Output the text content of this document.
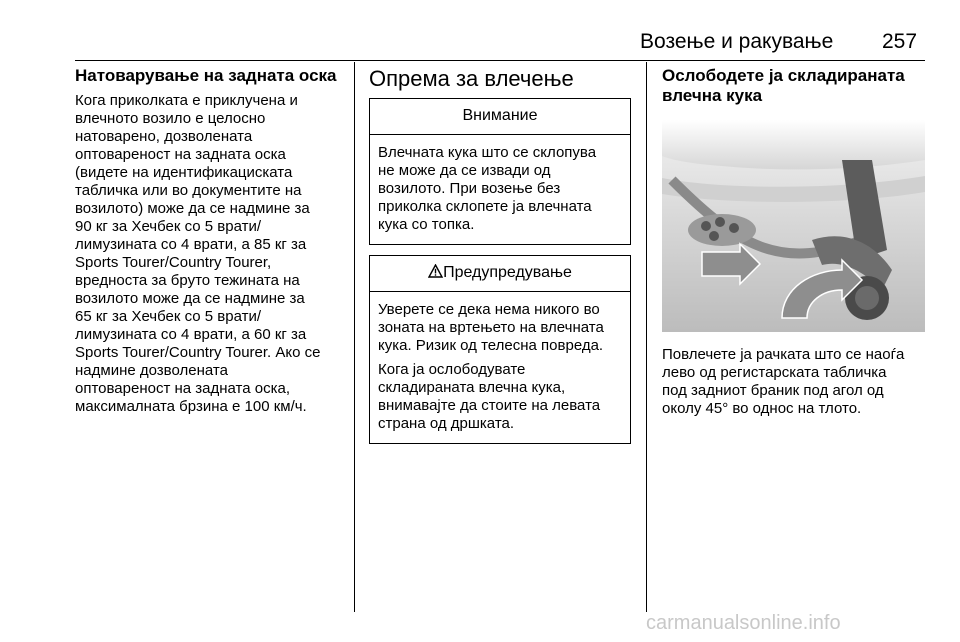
Возење и ракување 257
Натоварување на задната оска
Кога приколката е приклучена и
влечното возило е целосно
натоварено, дозволената
оптовареност на задната оска
(видете на идентификациската
табличка или во документите на
возилото) може да се надмине за
90 кг за Хечбек со 5 врати/
лимузината со 4 врати, а 85 кг за
Sports Tourer/Country Tourer,
вредноста за бруто тежината на
возилото може да се надмине за
65 кг за Хечбек со 5 врати/
лимузината со 4 врати, а 60 кг за
Sports Tourer/Country Tourer. Ако се
надмине дозволената
оптовареност на задната оска,
максималната брзина е 100 км/ч.
Опрема за влечење
Внимание

Влечната кука што се склопува
не може да се извади од
возилото. При возење без
приколка склопете ја влечната
кука со топка.

Предупредување

Уверете се дека нема никого во
зоната на вртењето на влечната
кука. Ризик од телесна повреда.

Кога ја ослободувате
складираната влечна кука,
внимавајте да стоите на левата
страна од дршката.

Ослободете ја складираната
влечна кука
Повлечете ја рачката што се наоѓа
лево од регистарската табличка
под задниот браник под агол од
околу 45° во однос на тлото.
carmanualsonline.info
